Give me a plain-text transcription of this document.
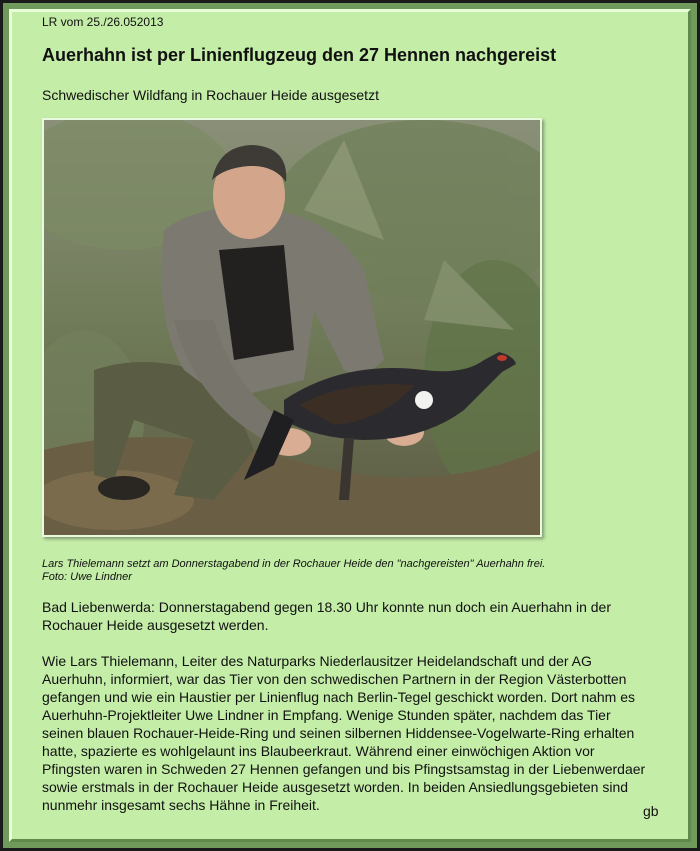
LR vom 25./26.052013
Auerhahn ist per Linienflugzeug den 27 Hennen nachgereist
Schwedischer Wildfang in Rochauer Heide ausgesetzt
Lars Thielemann setzt am Donnerstagabend in der Rochauer Heide den "nachgereisten" Auerhahn frei.
Foto: Uwe Lindner

Bad Liebenwerda: Donnerstagabend gegen 18.30 Uhr konnte nun doch ein Auerhahn in der
Rochauer Heide ausgesetzt werden.

Wie Lars Thielemann, Leiter des Naturparks Niederlausitzer Heidelandschaft und der AG
Auerhuhn, informiert, war das Tier von den schwedischen Partnern in der Region Västerbotten
gefangen und wie ein Haustier per Linienflug nach Berlin-Tegel geschickt worden. Dort nahm es
Auerhuhn-Projektleiter Uwe Lindner in Empfang. Wenige Stunden später, nachdem das Tier
seinen blauen Rochauer-Heide-Ring und seinen silbernen Hiddensee-Vogelwarte-Ring erhalten
hatte, spazierte es wohlgelaunt ins Blaubeerkraut. Während einer einwöchigen Aktion vor
Pfingsten waren in Schweden 27 Hennen gefangen und bis Pfingstsamstag in der Liebenwerdaer
sowie erstmals in der Rochauer Heide ausgesetzt worden. In beiden Ansiedlungsgebieten sind
nunmehr insgesamt sechs Hähne in Freiheit.	gb
